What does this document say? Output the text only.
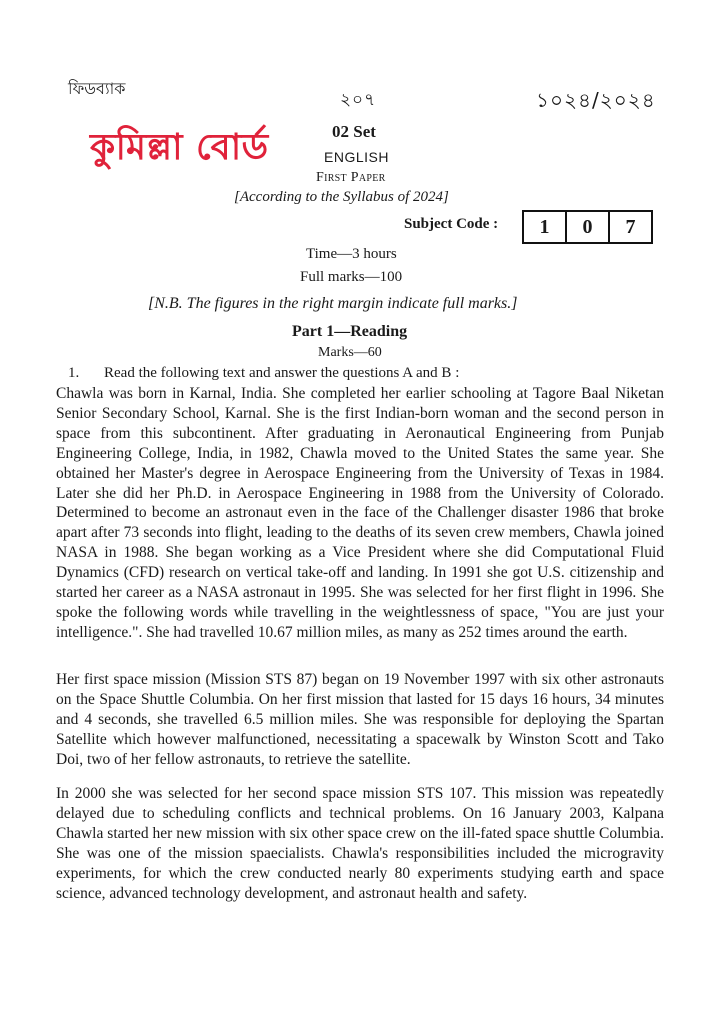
ফিডব্যাক
২০৭	১০২৪/২০২৪
কুমিল্লা বোর্ড	02 Set
ENGLISH
First Paper
[According to the Syllabus of 2024]
Subject Code :	1	0	7
Time—3 hours
Full marks—100
[N.B. The figures in the right margin indicate full marks.]
Part 1—Reading
Marks—60
1. Read the following text and answer the questions A and B :

Chawla was born in Karnal, India. She completed her earlier schooling at Tagore Baal Niketan Senior Secondary School, Karnal. She is the first Indian-born woman and the second person in space from this subcontinent. After graduating in Aeronautical Engineering from Punjab Engineering College, India, in 1982, Chawla moved to the United States the same year. She obtained her Master's degree in Aerospace Engineering from the University of Texas in 1984. Later she did her Ph.D. in Aerospace Engineering in 1988 from the University of Colorado. Determined to become an astronaut even in the face of the Challenger disaster 1986 that broke apart after 73 seconds into flight, leading to the deaths of its seven crew members, Chawla joined NASA in 1988. She began working as a Vice President where she did Computational Fluid Dynamics (CFD) research on vertical take-off and landing. In 1991 she got U.S. citizenship and started her career as a NASA astronaut in 1995. She was selected for her first flight in 1996. She spoke the following words while travelling in the weightlessness of space, "You are just your intelligence.". She had travelled 10.67 million miles, as many as 252 times around the earth.

Her first space mission (Mission STS 87) began on 19 November 1997 with six other astronauts on the Space Shuttle Columbia. On her first mission that lasted for 15 days 16 hours, 34 minutes and 4 seconds, she travelled 6.5 million miles. She was responsible for deploying the Spartan Satellite which however malfunctioned, necessitating a spacewalk by Winston Scott and Tako Doi, two of her fellow astronauts, to retrieve the satellite.

In 2000 she was selected for her second space mission STS 107. This mission was repeatedly delayed due to scheduling conflicts and technical problems. On 16 January 2003, Kalpana Chawla started her new mission with six other space crew on the ill-fated space shuttle Columbia. She was one of the mission spaecialists. Chawla's responsibilities included the microgravity experiments, for which the crew conducted nearly 80 experiments studying earth and space science, advanced technology development, and astronaut health and safety.
